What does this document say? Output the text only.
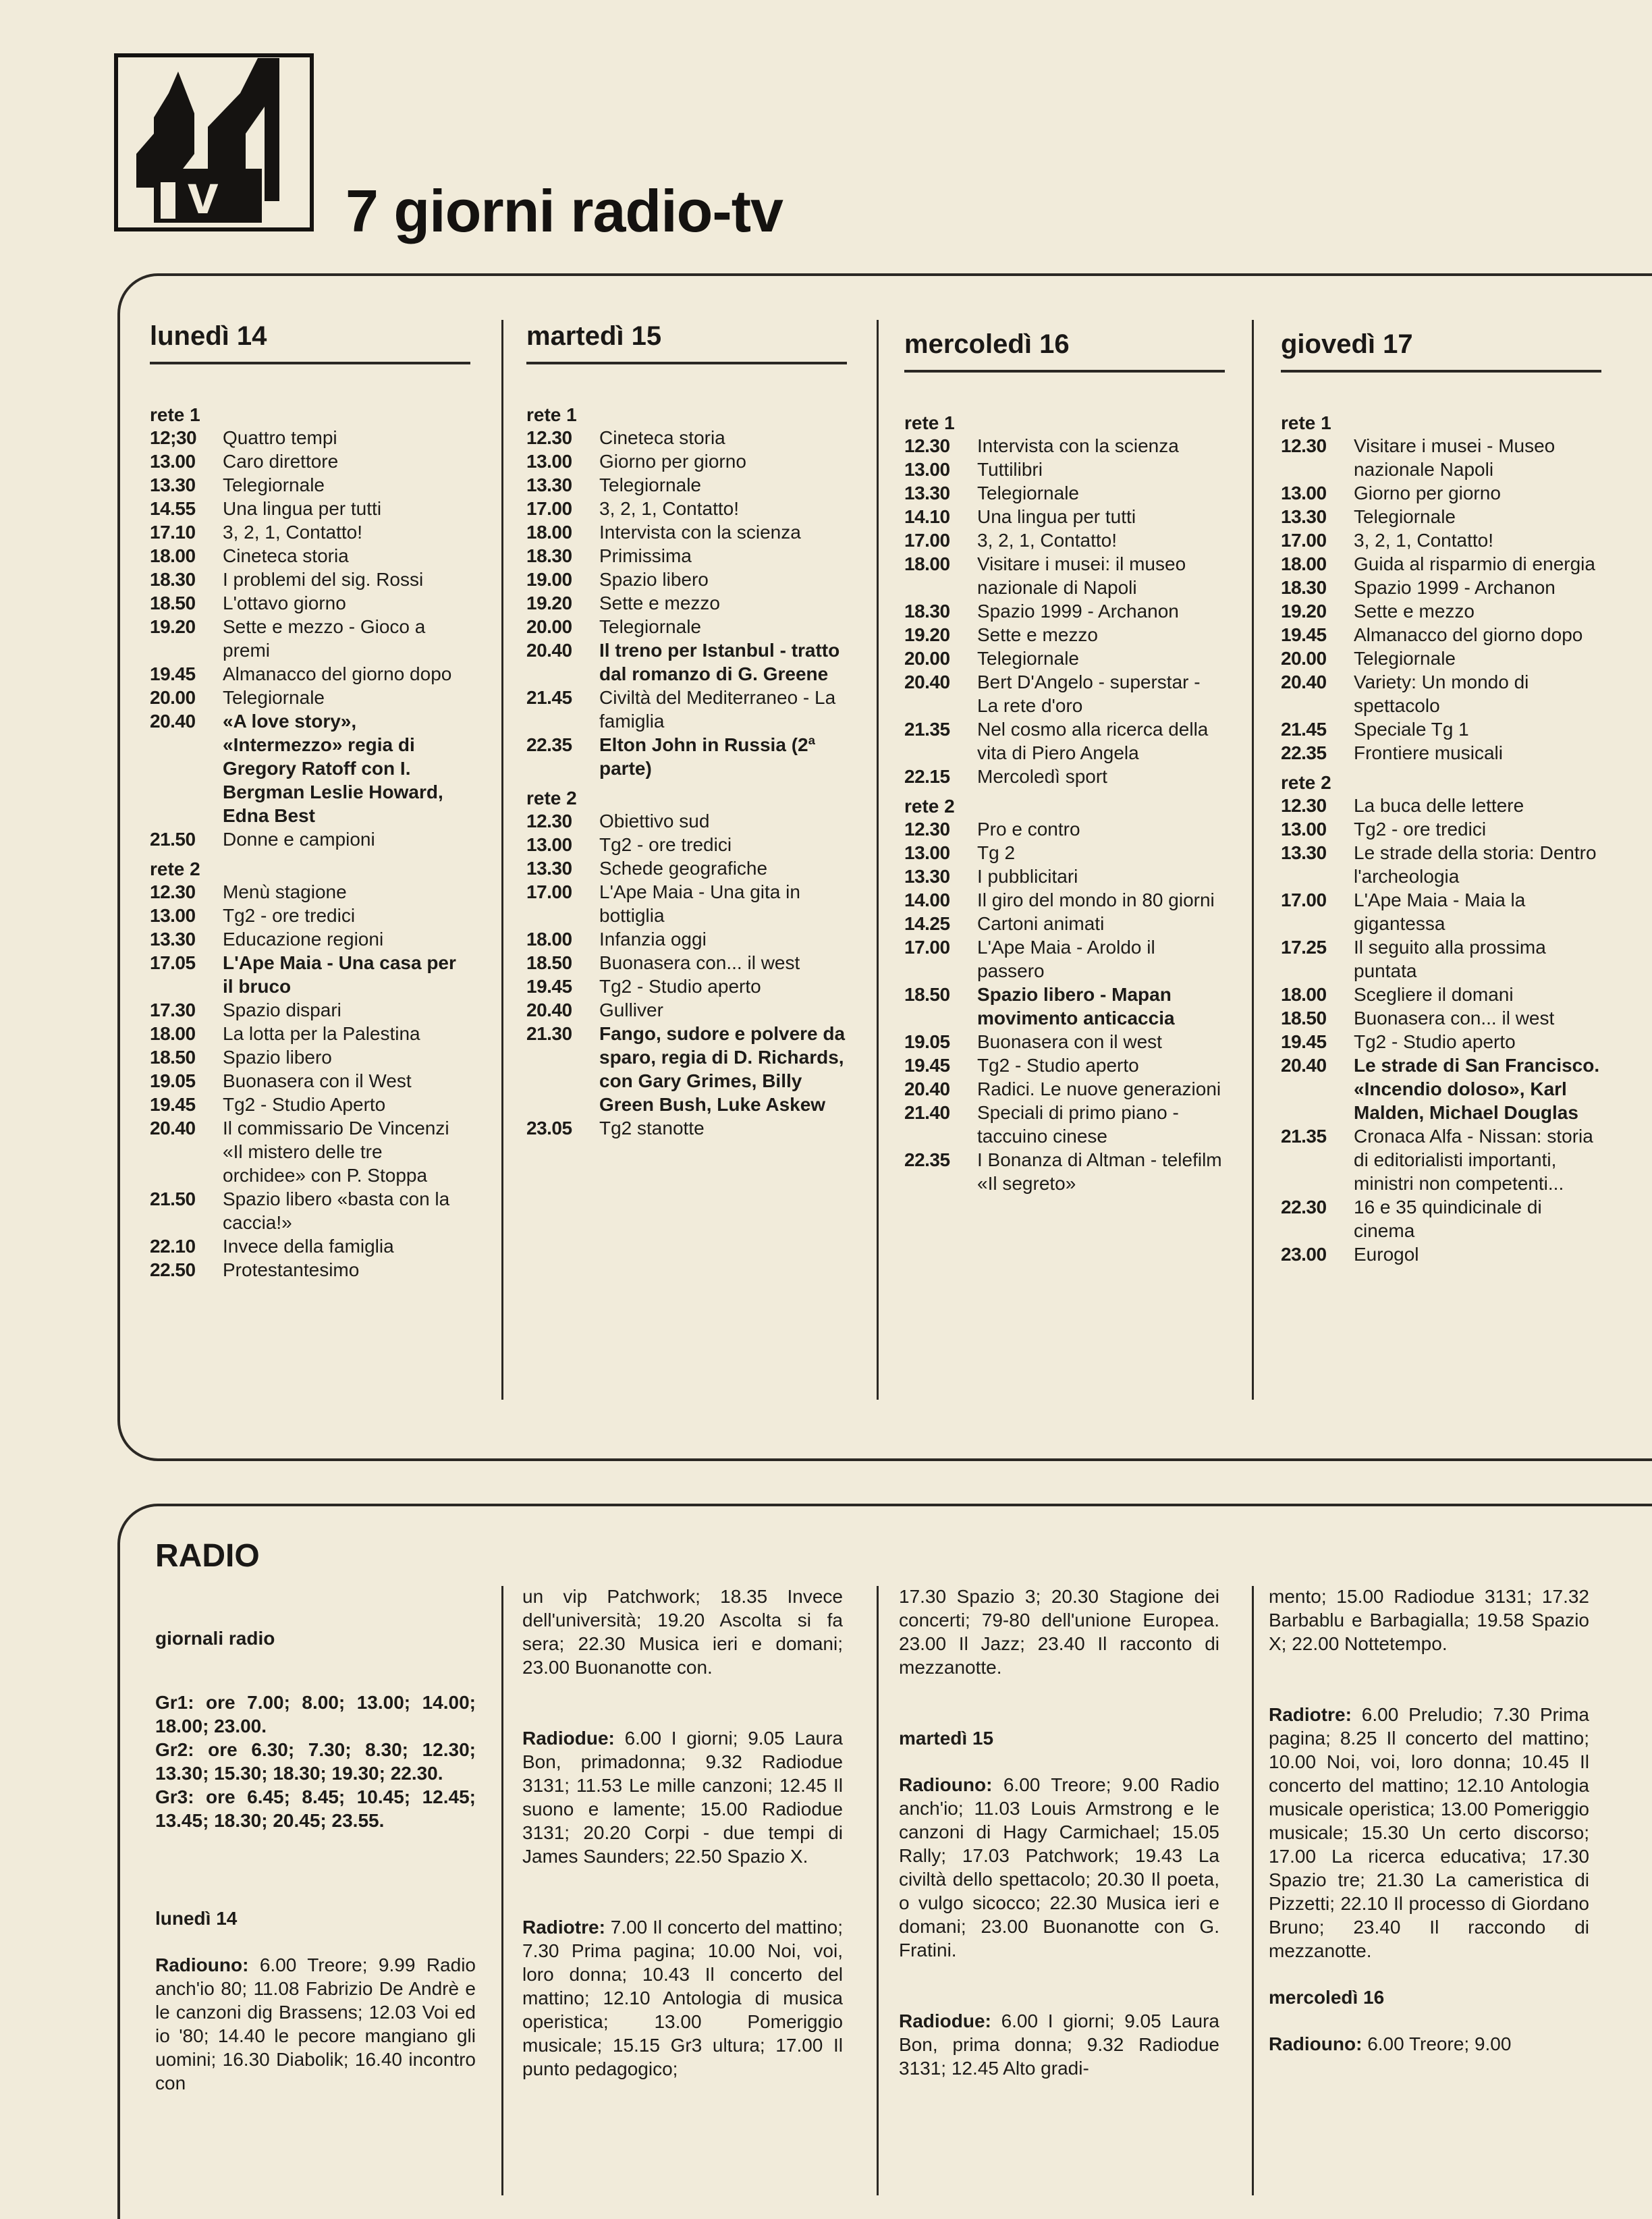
v 7 giorni radio-tv
lunedì 14
rete 1
12;30	Quattro tempi
13.00	Caro direttore
13.30	Telegiornale
14.55	Una lingua per tutti
17.10	3, 2, 1, Contatto!
18.00	Cineteca storia
18.30	I problemi del sig. Rossi
18.50	L'ottavo giorno
19.20	Sette e mezzo - Gioco a premi
19.45	Almanacco del giorno dopo
20.00	Telegiornale
20.40	«A love story», «Intermezzo» regia di Gregory Ratoff con I. Bergman Leslie Howard, Edna Best
21.50	Donne e campioni
rete 2
12.30	Menù stagione
13.00	Tg2 - ore tredici
13.30	Educazione regioni
17.05	L'Ape Maia - Una casa per il bruco
17.30	Spazio dispari
18.00	La lotta per la Palestina
18.50	Spazio libero
19.05	Buonasera con il West
19.45	Tg2 - Studio Aperto
20.40	Il commissario De Vincenzi «Il mistero delle tre orchidee» con P. Stoppa
21.50	Spazio libero «basta con la caccia!»
22.10	Invece della famiglia
22.50	Protestantesimo
martedì 15
rete 1
12.30	Cineteca storia
13.00	Giorno per giorno
13.30	Telegiornale
17.00	3, 2, 1, Contatto!
18.00	Intervista con la scienza
18.30	Primissima
19.00	Spazio libero
19.20	Sette e mezzo
20.00	Telegiornale
20.40	Il treno per Istanbul - tratto dal romanzo di G. Greene
21.45	Civiltà del Mediterraneo - La famiglia
22.35	Elton John in Russia (2ª parte)
rete 2
12.30	Obiettivo sud
13.00	Tg2 - ore tredici
13.30	Schede geografiche
17.00	L'Ape Maia - Una gita in bottiglia
18.00	Infanzia oggi
18.50	Buonasera con... il west
19.45	Tg2 - Studio aperto
20.40	Gulliver
21.30	Fango, sudore e polvere da sparo, regia di D. Richards, con Gary Grimes, Billy Green Bush, Luke Askew
23.05	Tg2 stanotte
mercoledì 16
rete 1
12.30	Intervista con la scienza
13.00	Tuttilibri
13.30	Telegiornale
14.10	Una lingua per tutti
17.00	3, 2, 1, Contatto!
18.00	Visitare i musei: il museo nazionale di Napoli
18.30	Spazio 1999 - Archanon
19.20	Sette e mezzo
20.00	Telegiornale
20.40	Bert D'Angelo - superstar - La rete d'oro
21.35	Nel cosmo alla ricerca della vita di Piero Angela
22.15	Mercoledì sport
rete 2
12.30	Pro e contro
13.00	Tg 2
13.30	I pubblicitari
14.00	Il giro del mondo in 80 giorni
14.25	Cartoni animati
17.00	L'Ape Maia - Aroldo il passero
18.50	Spazio libero - Mapan movimento anticaccia
19.05	Buonasera con il west
19.45	Tg2 - Studio aperto
20.40	Radici. Le nuove generazioni
21.40	Speciali di primo piano - taccuino cinese
22.35	I Bonanza di Altman - telefilm «Il segreto»
giovedì 17
rete 1
12.30	Visitare i musei - Museo nazionale Napoli
13.00	Giorno per giorno
13.30	Telegiornale
17.00	3, 2, 1, Contatto!
18.00	Guida al risparmio di energia
18.30	Spazio 1999 - Archanon
19.20	Sette e mezzo
19.45	Almanacco del giorno dopo
20.00	Telegiornale
20.40	Variety: Un mondo di spettacolo
21.45	Speciale Tg 1
22.35	Frontiere musicali
rete 2
12.30	La buca delle lettere
13.00	Tg2 - ore tredici
13.30	Le strade della storia: Dentro l'archeologia
17.00	L'Ape Maia - Maia la gigantessa
17.25	Il seguito alla prossima puntata
18.00	Scegliere il domani
18.50	Buonasera con... il west
19.45	Tg2 - Studio aperto
20.40	Le strade di San Francisco. «Incendio doloso», Karl Malden, Michael Douglas
21.35	Cronaca Alfa - Nissan: storia di editorialisti importanti, ministri non competenti...
22.30	16 e 35 quindicinale di cinema
23.00	Eurogol
RADIO
giornali radio
Gr1: ore 7.00; 8.00; 13.00; 14.00; 18.00; 23.00.
Gr2: ore 6.30; 7.30; 8.30; 12.30; 13.30; 15.30; 18.30; 19.30; 22.30.
Gr3: ore 6.45; 8.45; 10.45; 12.45; 13.45; 18.30; 20.45; 23.55.
lunedì 14

Radiouno: 6.00 Treore; 9.99 Radio anch'io 80; 11.08 Fabrizio De Andrè e le canzoni dig Brassens; 12.03 Voi ed io '80; 14.40 le pecore mangiano gli uomini; 16.30 Diabolik; 16.40 incontro con

un vip Patchwork; 18.35 Invece dell'università; 19.20 Ascolta si fa sera; 22.30 Musica ieri e domani; 23.00 Buonanotte con.

Radiodue: 6.00 I giorni; 9.05 Laura Bon, primadonna; 9.32 Radiodue 3131; 11.53 Le mille canzoni; 12.45 Il suono e lamente; 15.00 Radiodue 3131; 20.20 Corpi - due tempi di James Saunders; 22.50 Spazio X.

Radiotre: 7.00 Il concerto del mattino; 7.30 Prima pagina; 10.00 Noi, voi, loro donna; 10.43 Il concerto del mattino; 12.10 Antologia di musica operistica; 13.00 Pomeriggio musicale; 15.15 Gr3 ultura; 17.00 Il punto pedagogico;

17.30 Spazio 3; 20.30 Stagione dei concerti; 79-80 dell'unione Europea. 23.00 Il Jazz; 23.40 Il racconto di mezzanotte.

martedì 15

Radiouno: 6.00 Treore; 9.00 Radio anch'io; 11.03 Louis Armstrong e le canzoni di Hagy Carmichael; 15.05 Rally; 17.03 Patchwork; 19.43 La civiltà dello spettacolo; 20.30 Il poeta, o vulgo sicocco; 22.30 Musica ieri e domani; 23.00 Buonanotte con G. Fratini.

Radiodue: 6.00 I giorni; 9.05 Laura Bon, prima donna; 9.32 Radiodue 3131; 12.45 Alto gradi-

mento; 15.00 Radiodue 3131; 17.32 Barbablu e Barbagialla; 19.58 Spazio X; 22.00 Nottetempo.

Radiotre: 6.00 Preludio; 7.30 Prima pagina; 8.25 Il concerto del mattino; 10.00 Noi, voi, loro donna; 10.45 Il concerto del mattino; 12.10 Antologia musicale operistica; 13.00 Pomeriggio musicale; 15.30 Un certo discorso; 17.00 La ricerca educativa; 17.30 Spazio tre; 21.30 La cameristica di Pizzetti; 22.10 Il processo di Giordano Bruno; 23.40 Il raccondo di mezzanotte.

mercoledì 16

Radiouno: 6.00 Treore; 9.00
